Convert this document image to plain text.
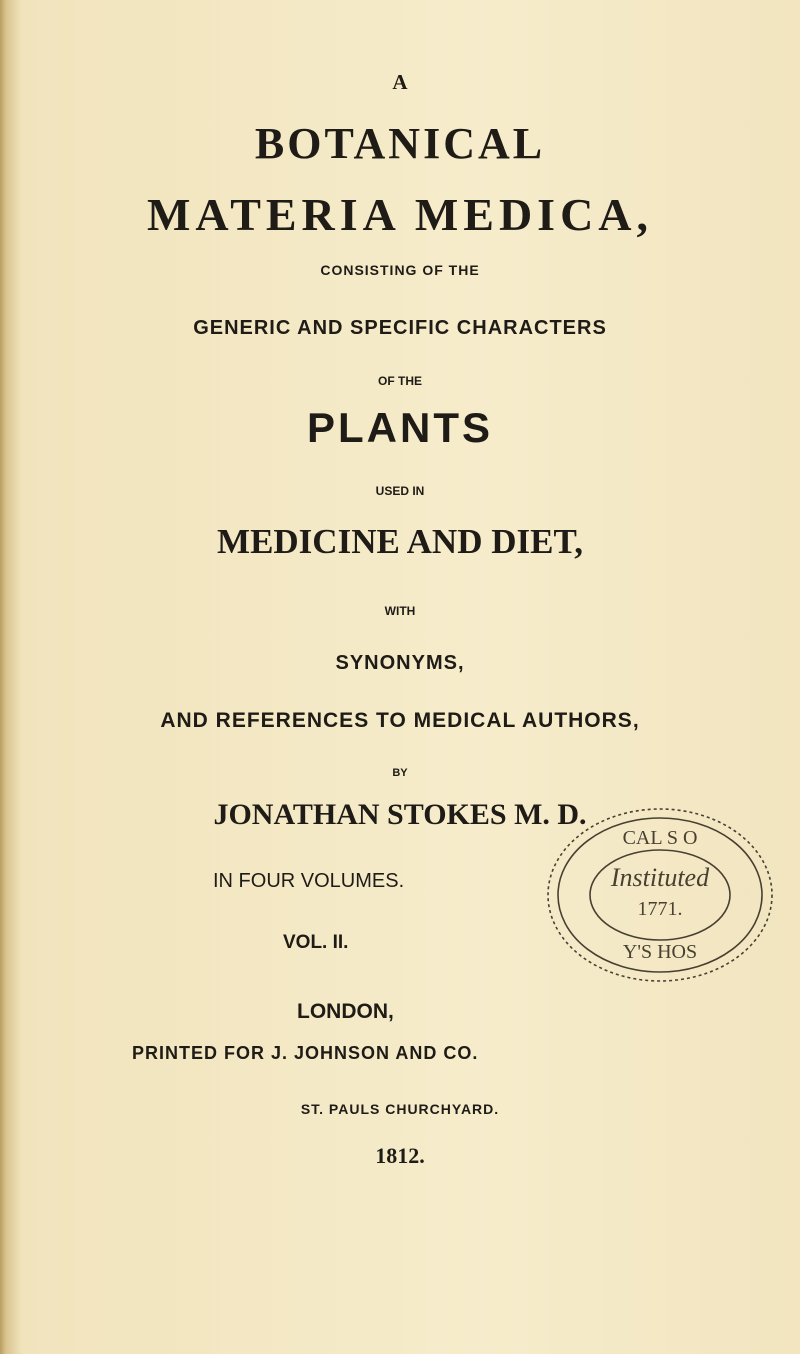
A
BOTANICAL
MATERIA MEDICA,
CONSISTING OF THE
GENERIC AND SPECIFIC CHARACTERS
OF THE
PLANTS
USED IN
MEDICINE AND DIET,
WITH
SYNONYMS,
AND REFERENCES TO MEDICAL AUTHORS,
BY
JONATHAN STOKES M. D.
IN FOUR VOLUMES.
VOL. II.
LONDON,
PRINTED FOR J. JOHNSON AND CO.
ST. PAULS CHURCHYARD.
1812.
CAL S O
Instituted
1771.
Y'S HOS
